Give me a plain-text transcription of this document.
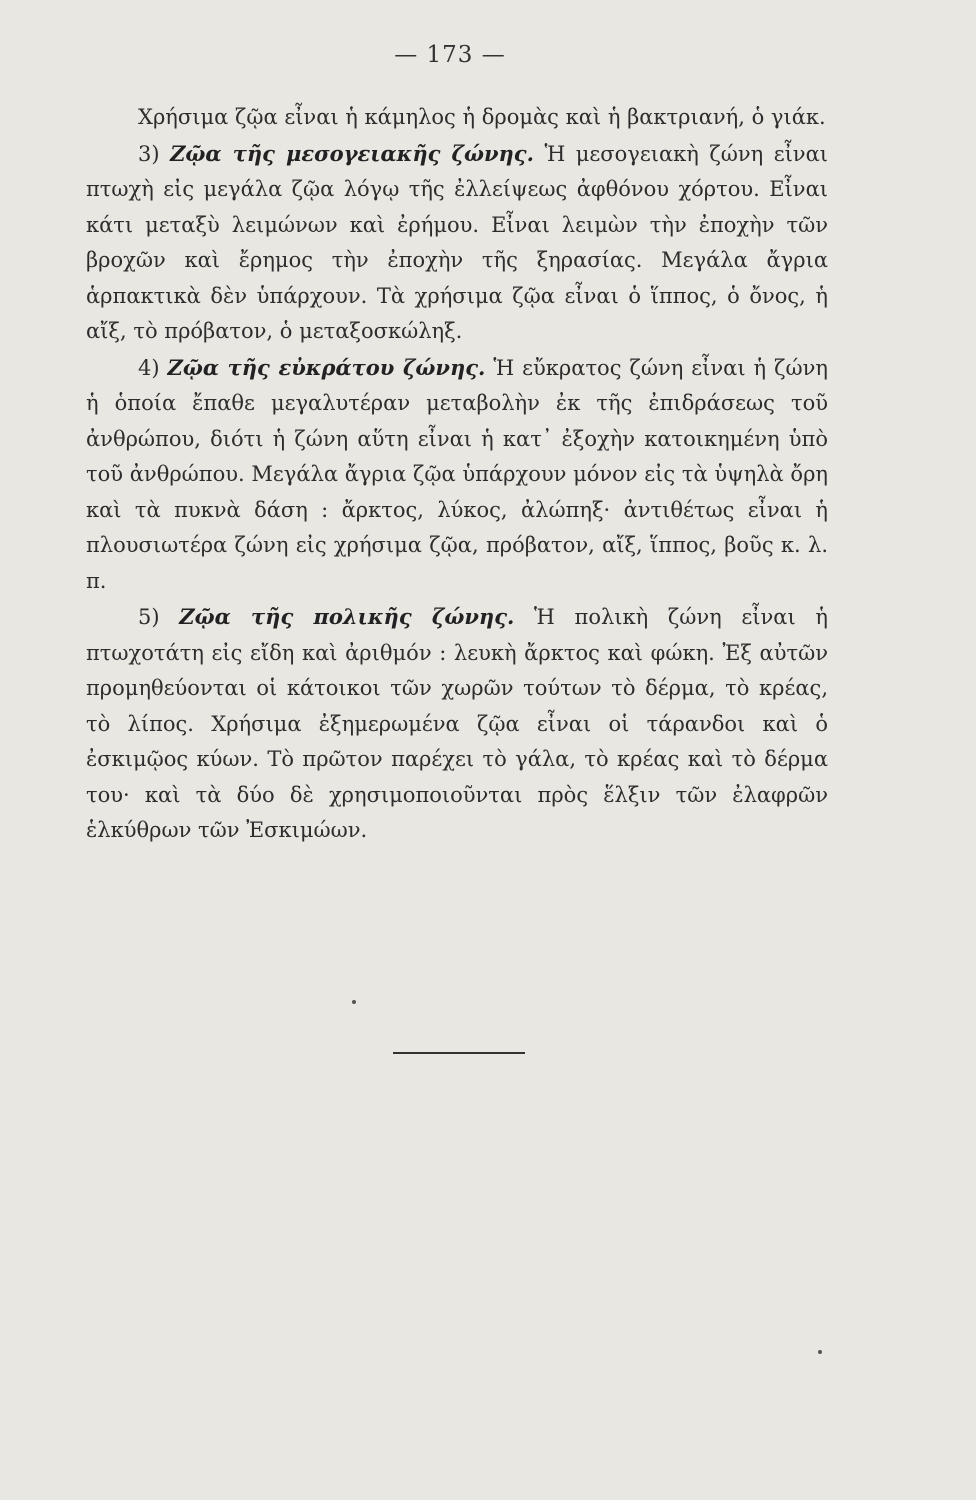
— 173 —

Χρήσιμα ζῷα εἶναι ἡ κάμηλος ἡ δρομὰς καὶ ἡ βακτριανή, ὁ γιάκ.

3) Ζῷα τῆς μεσογειακῆς ζώνης. Ἡ μεσογειακὴ ζώνη εἶναι πτωχὴ εἰς μεγάλα ζῷα λόγῳ τῆς ἐλλείψεως ἀφθόνου χόρτου. Εἶναι κάτι μεταξὺ λειμώνων καὶ ἐρήμου. Εἶναι λειμὼν τὴν ἐποχὴν τῶν βροχῶν καὶ ἔρημος τὴν ἐποχὴν τῆς ξηρασίας. Μεγάλα ἄγρια ἁρπακτικὰ δὲν ὑπάρχουν. Τὰ χρήσιμα ζῷα εἶναι ὁ ἵππος, ὁ ὄνος, ἡ αἴξ, τὸ πρόβατον, ὁ μεταξοσκώληξ.

4) Ζῷα τῆς εὐκράτου ζώνης. Ἡ εὔκρατος ζώνη εἶναι ἡ ζώνη ἡ ὁποία ἔπαθε μεγαλυτέραν μεταβολὴν ἐκ τῆς ἐπιδράσεως τοῦ ἀνθρώπου, διότι ἡ ζώνη αὕτη εἶναι ἡ κατ᾿ ἐξοχὴν κατοικημένη ὑπὸ τοῦ ἀνθρώπου. Μεγάλα ἄγρια ζῷα ὑπάρχουν μόνον εἰς τὰ ὑψηλὰ ὄρη καὶ τὰ πυκνὰ δάση : ἄρκτος, λύκος, ἀλώπηξ· ἀντιθέτως εἶναι ἡ πλουσιωτέρα ζώνη εἰς χρήσιμα ζῷα, πρόβατον, αἴξ, ἵππος, βοῦς κ. λ. π.

5) Ζῷα τῆς πολικῆς ζώνης. Ἡ πολικὴ ζώνη εἶναι ἡ πτωχοτάτη εἰς εἴδη καὶ ἀριθμόν : λευκὴ ἄρκτος καὶ φώκη. Ἐξ αὐτῶν προμηθεύονται οἱ κάτοικοι τῶν χωρῶν τούτων τὸ δέρμα, τὸ κρέας, τὸ λίπος. Χρήσιμα ἐξημερωμένα ζῷα εἶναι οἱ τάρανδοι καὶ ὁ ἐσκιμῷος κύων. Τὸ πρῶτον παρέχει τὸ γάλα, τὸ κρέας καὶ τὸ δέρμα του· καὶ τὰ δύο δὲ χρησιμοποιοῦνται πρὸς ἕλξιν τῶν ἐλαφρῶν ἑλκύθρων τῶν Ἐσκιμώων.
